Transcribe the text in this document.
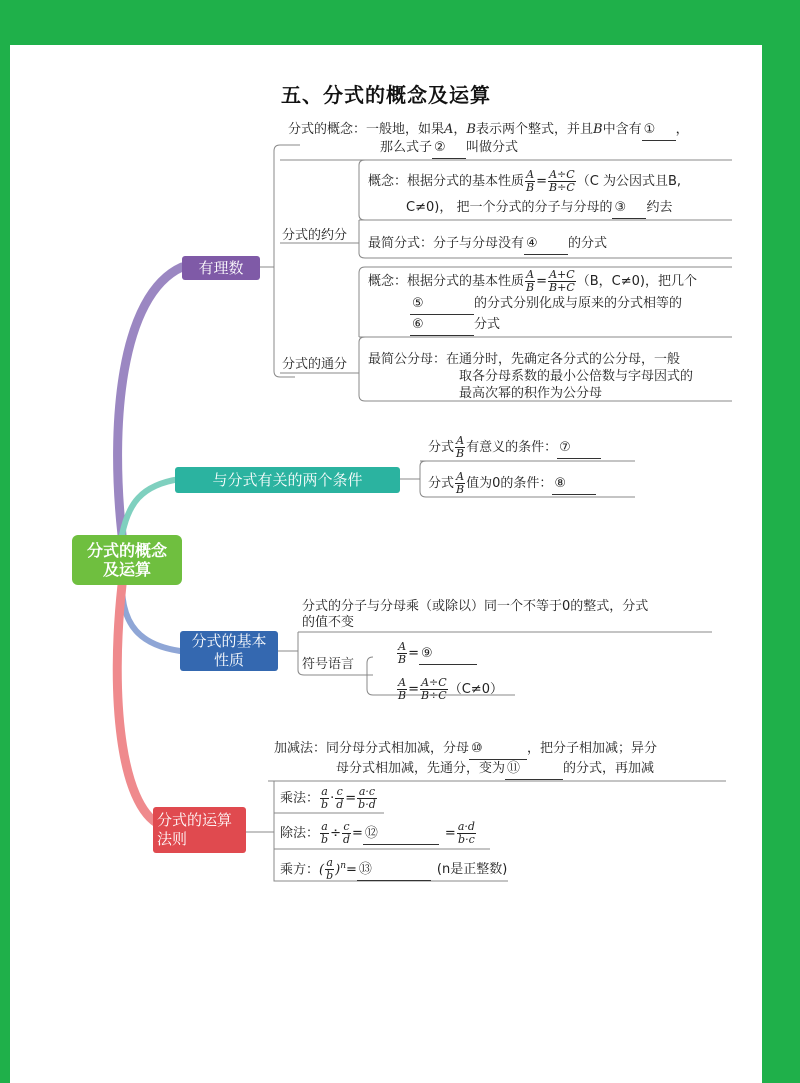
五、分式的概念及运算
分式的概念
及运算
有理数
与分式有关的两个条件
分式的基本
性质
分式的运算
法则
分式的概念：一般地，如果A，B表示两个整式，并且B中含有 ① ，
那么式子 ② 叫做分式
分式的约分
概念：根据分式的基本性质 $\frac{A}{B} = \frac{A\div C}{B\div C} (C$ 为公因式且B,
C≠0)， 把一个分式的分子与分母的 ③ 约去
最简分式：分子与分母没有 ④ 的分式
分式的通分
概念：根据分式的基本性质 $\frac{A}{B} = \frac{A+C}{B+C} (B$，C≠0)，把几个
⑤	的分式分别化成与原来的分式相等的
⑥	分式
最简公分母：在通分时，先确定各分式的公分母，一般
取各分母系数的最小公倍数与字母因式的
最高次幂的积作为公分母
分式 $\frac{A}{B}$ 有意义的条件： ⑦
分式 $\frac{A}{B}$ 值为0的条件： ⑧
分式的分子与分母乘（或除以）同一个不等于0的整式，分式
的值不变
符号语言	$\frac{A}{B}$ = ⑨
$\frac{A}{B} = \frac{A\div C}{B\div C} (C\ne 0)$
加减法：同分母分式相加减，分母 ⑩	，把分子相加减；异分
母分式相加减，先通分，变为 ⑪	的分式，再加减
乘法： $\frac{a}{b} \cdot \frac{c}{d} = \frac{a\cdot c}{b\cdot d}$
除法： $\frac{a}{b} \div \frac{c}{d}$ = ⑫	= $\frac{a\cdot d}{b\cdot c}$
乘方：( $\frac{a}{b} )^n=$ ⑬	(n是正整数)
